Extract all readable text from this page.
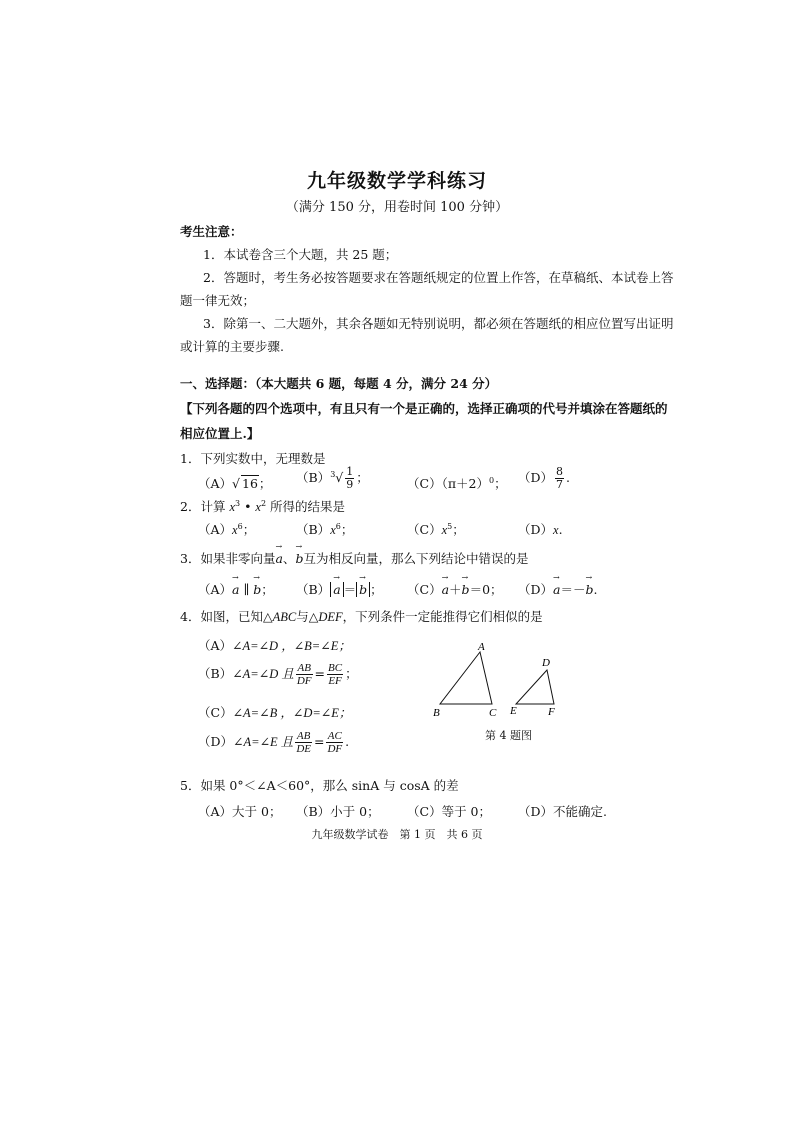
九年级数学学科练习
（满分 150 分，用卷时间 100 分钟）
考生注意：
1．本试卷含三个大题，共 25 题；
2．答题时，考生务必按答题要求在答题纸规定的位置上作答，在草稿纸、本试卷上答
题一律无效；
3．除第一、二大题外，其余各题如无特别说明，都必须在答题纸的相应位置写出证明
或计算的主要步骤.
一、选择题：（本大题共 6 题，每题 4 分，满分 24 分）
【下列各题的四个选项中，有且只有一个是正确的，选择正确项的代号并填涂在答题纸的
相应位置上.】
1．下列实数中，无理数是
（A）√ 16； $(B)^3√ \frac{1}{9}$ ；	$(C)(\pi+2)^0$； $(D) \frac{8}{7}$ .
2．计算 $x^3$ • $x^2$ 所得的结果是
$(A)x^6$；	$(B)x^6$；	$(C)x^5$；	（D）x.
3．如果非零向量→ a、→ b互为相反向量，那么下列结论中错误的是
（A）→ a ∥ → b； （B） → a ＝ → b ； （C）→ a＋→ b＝0； （D）→ a＝－→ b.
4．如图，已知△ABC与△DEF，下列条件一定能推得它们相似的是
（A）∠A=∠D ，∠B=∠E；
（B）∠A=∠D 且 $\frac{AB}{DF} = \frac{BC}{EF}$ ；
（C）∠A=∠B ，∠D=∠E；
（D）∠A=∠E 且 $\frac{AB}{DE} = \frac{AC}{DF}$ .
A
B	C
D
E	F
第 4 题图
5．如果 0°＜∠A＜60°，那么 sinA 与 cosA 的差
（A）大于 0； （B）小于 0； （C）等于 0； （D）不能确定.
九年级数学试卷　第 1 页　共 6 页
